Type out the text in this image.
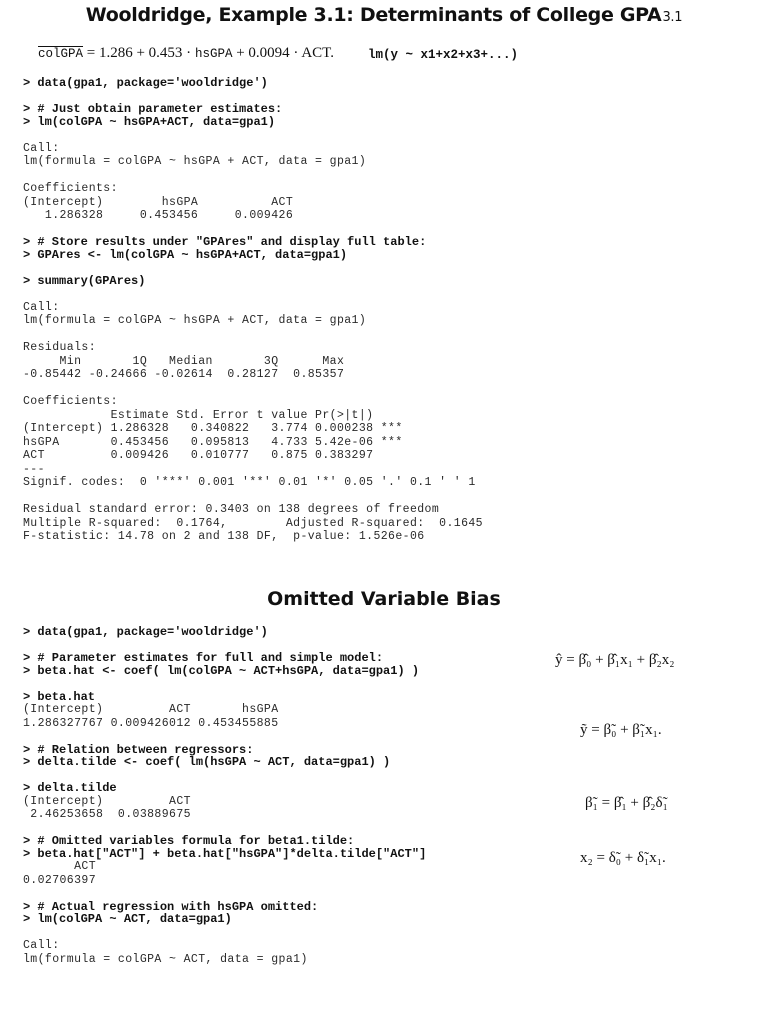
Wooldridge, Example 3.1: Determinants of College GPA3.1
colGPA = 1.286 + 0.453 · hsGPA + 0.0094 · ACT.	lm(y ~ x1+x2+x3+...)
> data(gpa1, package='wooldridge')

> # Just obtain parameter estimates:
> lm(colGPA ~ hsGPA+ACT, data=gpa1)

Call:
lm(formula = colGPA ~ hsGPA + ACT, data = gpa1)

Coefficients:
(Intercept)        hsGPA          ACT
1.286328     0.453456     0.009426

> # Store results under "GPAres" and display full table:
> GPAres <- lm(colGPA ~ hsGPA+ACT, data=gpa1)

> summary(GPAres)

Call:
lm(formula = colGPA ~ hsGPA + ACT, data = gpa1)

Residuals:
Min       1Q   Median       3Q      Max
-0.85442 -0.24666 -0.02614  0.28127  0.85357

Coefficients:
Estimate Std. Error t value Pr(>|t|)
(Intercept) 1.286328   0.340822   3.774 0.000238 ***
hsGPA       0.453456   0.095813   4.733 5.42e-06 ***
ACT         0.009426   0.010777   0.875 0.383297
---
Signif. codes:  0 '***' 0.001 '**' 0.01 '*' 0.05 '.' 0.1 ' ' 1

Residual standard error: 0.3403 on 138 degrees of freedom
Multiple R-squared:  0.1764,        Adjusted R-squared:  0.1645
F-statistic: 14.78 on 2 and 138 DF,  p-value: 1.526e-06

Omitted Variable Bias
> data(gpa1, package='wooldridge')

> # Parameter estimates for full and simple model:
> beta.hat <- coef( lm(colGPA ~ ACT+hsGPA, data=gpa1) )

> beta.hat
(Intercept)         ACT       hsGPA
1.286327767 0.009426012 0.453455885

> # Relation between regressors:
> delta.tilde <- coef( lm(hsGPA ~ ACT, data=gpa1) )

> delta.tilde
(Intercept)         ACT
2.46253658  0.03889675

> # Omitted variables formula for beta1.tilde:
> beta.hat["ACT"] + beta.hat["hsGPA"]*delta.tilde["ACT"]
ACT
0.02706397

> # Actual regression with hsGPA omitted:
> lm(colGPA ~ ACT, data=gpa1)

Call:
lm(formula = colGPA ~ ACT, data = gpa1)

ŷ = β̂₀ + β̂₁x₁ + β̂₂x₂
ỹ = β̃₀ + β̃₁x₁.
β̃₁ = β̂₁ + β̂₂δ̃₁
x₂ = δ̃₀ + δ̃₁x₁.
